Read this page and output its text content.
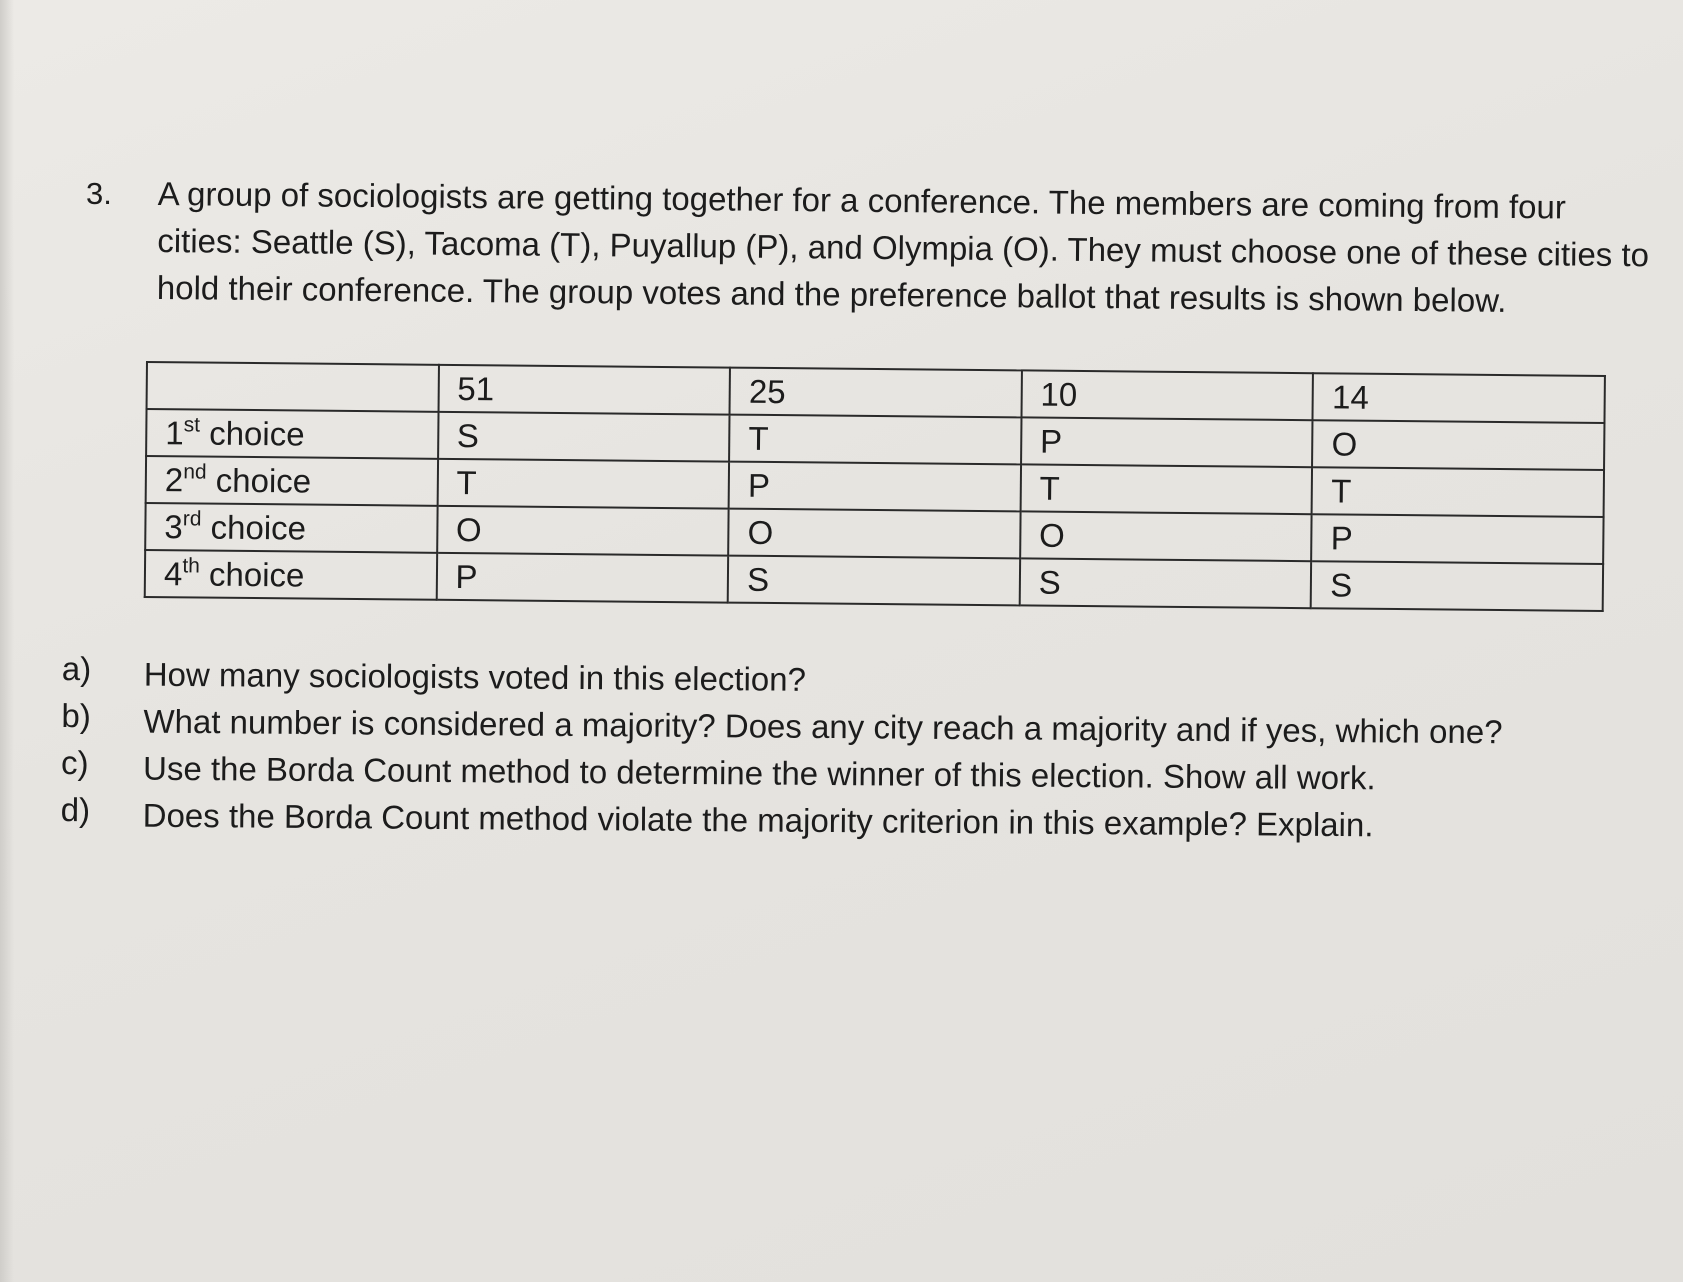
3. A group of sociologists are getting together for a conference. The members are coming from four cities: Seattle (S), Tacoma (T), Puyallup (P), and Olympia (O). They must choose one of these cities to hold their conference. The group votes and the preference ballot that results is shown below.
	51	25	10	14
1st choice	S	T	P	O
2nd choice	T	P	T	T
3rd choice	O	O	O	P
4th choice	P	S	S	S

a)	How many sociologists voted in this election?

b)	What number is considered a majority? Does any city reach a majority and if yes, which one?

c)	Use the Borda Count method to determine the winner of this election. Show all work.

d)	Does the Borda Count method violate the majority criterion in this example? Explain.
